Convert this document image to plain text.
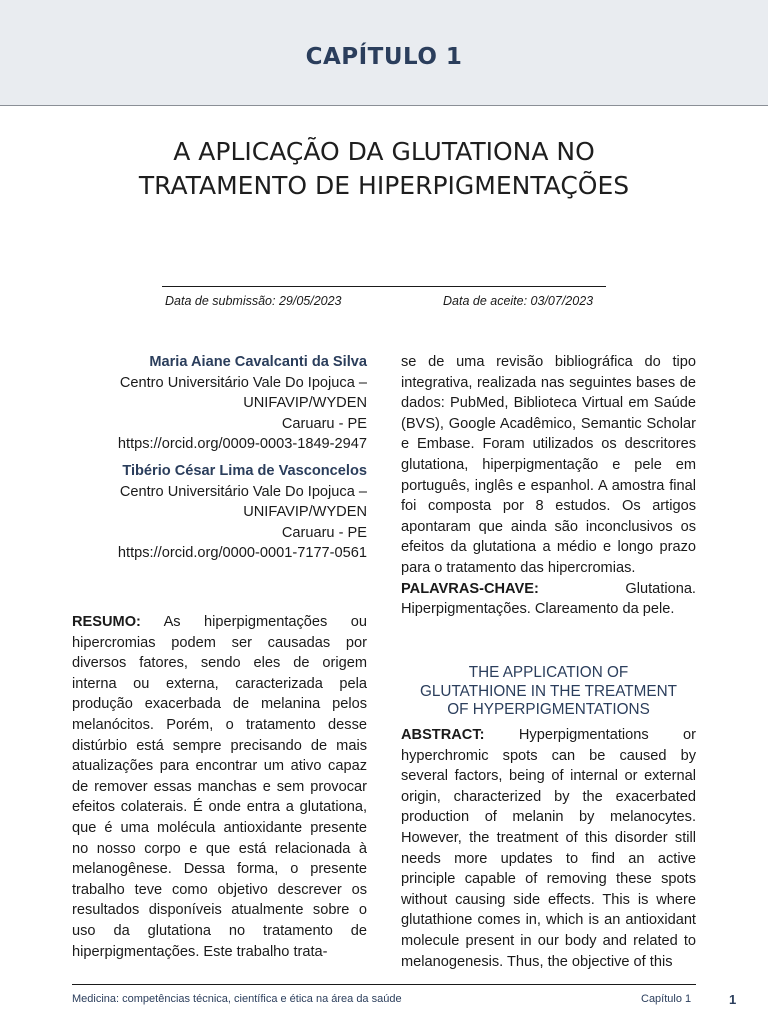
CAPÍTULO 1
A APLICAÇÃO DA GLUTATIONA NO
TRATAMENTO DE HIPERPIGMENTAÇÕES
Data de submissão: 29/05/2023	Data de aceite: 03/07/2023
Maria Aiane Cavalcanti da Silva
Centro Universitário Vale Do Ipojuca –
UNIFAVIP/WYDEN
Caruaru - PE
https://orcid.org/0009-0003-1849-2947
Tibério César Lima de Vasconcelos
Centro Universitário Vale Do Ipojuca –
UNIFAVIP/WYDEN
Caruaru - PE
https://orcid.org/0000-0001-7177-0561
RESUMO: As hiperpigmentações ou hipercromias podem ser causadas por diversos fatores, sendo eles de origem interna ou externa, caracterizada pela produção exacerbada de melanina pelos melanócitos. Porém, o tratamento desse distúrbio está sempre precisando de mais atualizações para encontrar um ativo capaz de remover essas manchas e sem provocar efeitos colaterais. É onde entra a glutationa, que é uma molécula antioxidante presente no nosso corpo e que está relacionada à melanogênese. Dessa forma, o presente trabalho teve como objetivo descrever os resultados disponíveis atualmente sobre o uso da glutationa no tratamento de hiperpigmentações. Este trabalho trata-
se de uma revisão bibliográfica do tipo integrativa, realizada nas seguintes bases de dados: PubMed, Biblioteca Virtual em Saúde (BVS), Google Acadêmico, Semantic Scholar e Embase. Foram utilizados os descritores glutationa, hiperpigmentação e pele em português, inglês e espanhol. A amostra final foi composta por 8 estudos. Os artigos apontaram que ainda são inconclusivos os efeitos da glutationa a médio e longo prazo para o tratamento das hipercromias.
PALAVRAS-CHAVE:	Glutationa.
Hiperpigmentações. Clareamento da pele.
THE APPLICATION OF
GLUTATHIONE IN THE TREATMENT
OF HYPERPIGMENTATIONS
ABSTRACT: Hyperpigmentations or hyperchromic spots can be caused by several factors, being of internal or external origin, characterized by the exacerbated production of melanin by melanocytes. However, the treatment of this disorder still needs more updates to find an active principle capable of removing these spots without causing side effects. This is where glutathione comes in, which is an antioxidant molecule present in our body and related to melanogenesis. Thus, the objective of this
Medicina: competências técnica, científica e ética na área da saúde	Capítulo 1	1
